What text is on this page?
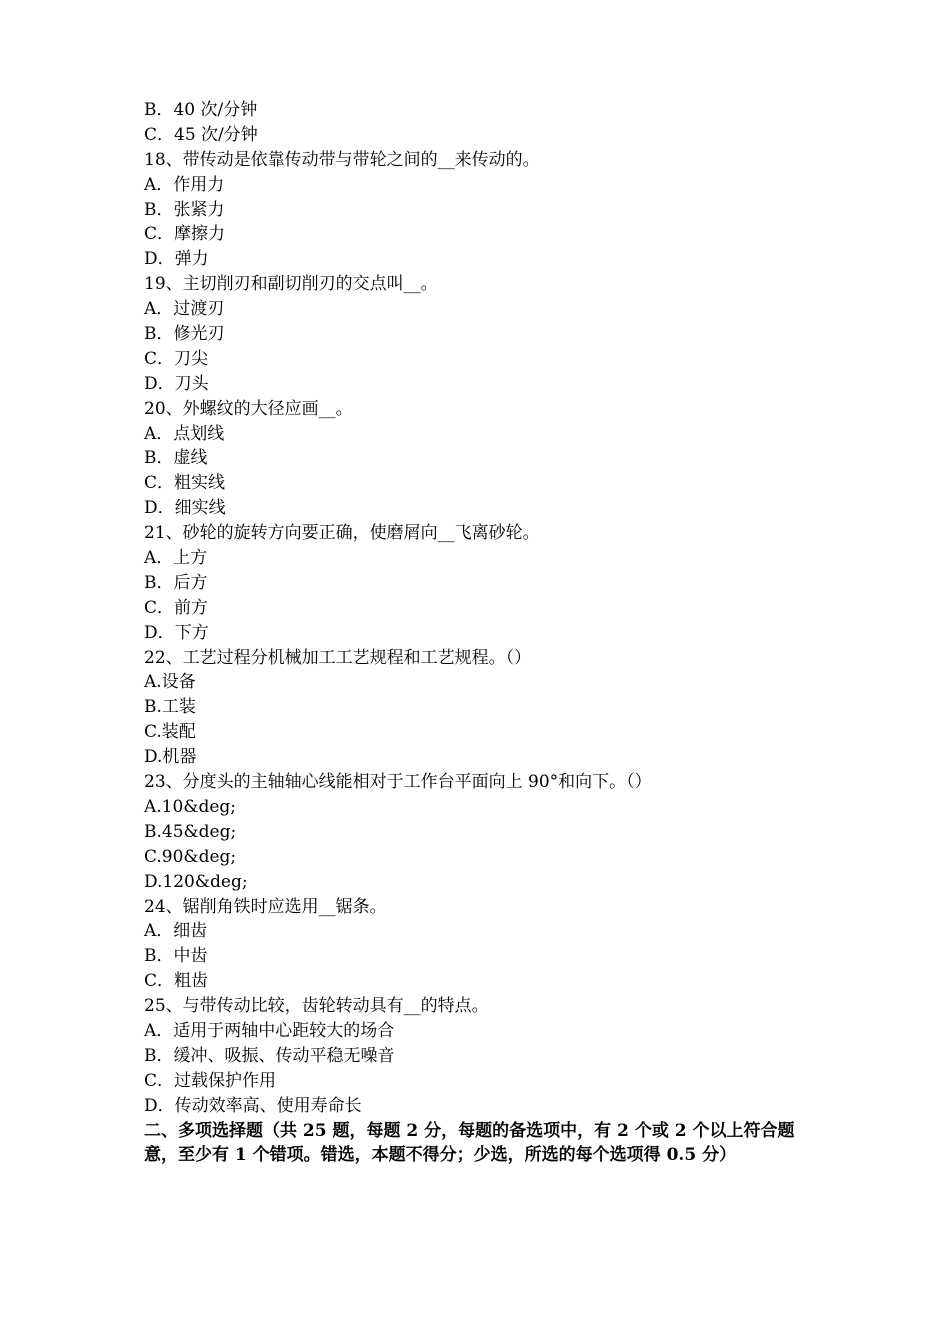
B．40 次/分钟
C．45 次/分钟
18、带传动是依靠传动带与带轮之间的__来传动的。
A．作用力
B．张紧力
C．摩擦力
D．弹力
19、主切削刃和副切削刃的交点叫__。
A．过渡刃
B．修光刃
C．刀尖
D．刀头
20、外螺纹的大径应画__。
A．点划线
B．虚线
C．粗实线
D．细实线
21、砂轮的旋转方向要正确，使磨屑向__飞离砂轮。
A．上方
B．后方
C．前方
D．下方
22、工艺过程分机械加工工艺规程和工艺规程。（）
A.设备
B.工装
C.装配
D.机器
23、分度头的主轴轴心线能相对于工作台平面向上 90°和向下。（）
A.10&deg;
B.45&deg;
C.90&deg;
D.120&deg;
24、锯削角铁时应选用__锯条。
A．细齿
B．中齿
C．粗齿
25、与带传动比较，齿轮转动具有__的特点。
A．适用于两轴中心距较大的场合
B．缓冲、吸振、传动平稳无噪音
C．过载保护作用
D．传动效率高、使用寿命长
二、多项选择题（共 25 题，每题 2 分，每题的备选项中，有 2 个或 2 个以上符合题意，至少有 1 个错项。错选，本题不得分；少选，所选的每个选项得 0.5 分）
